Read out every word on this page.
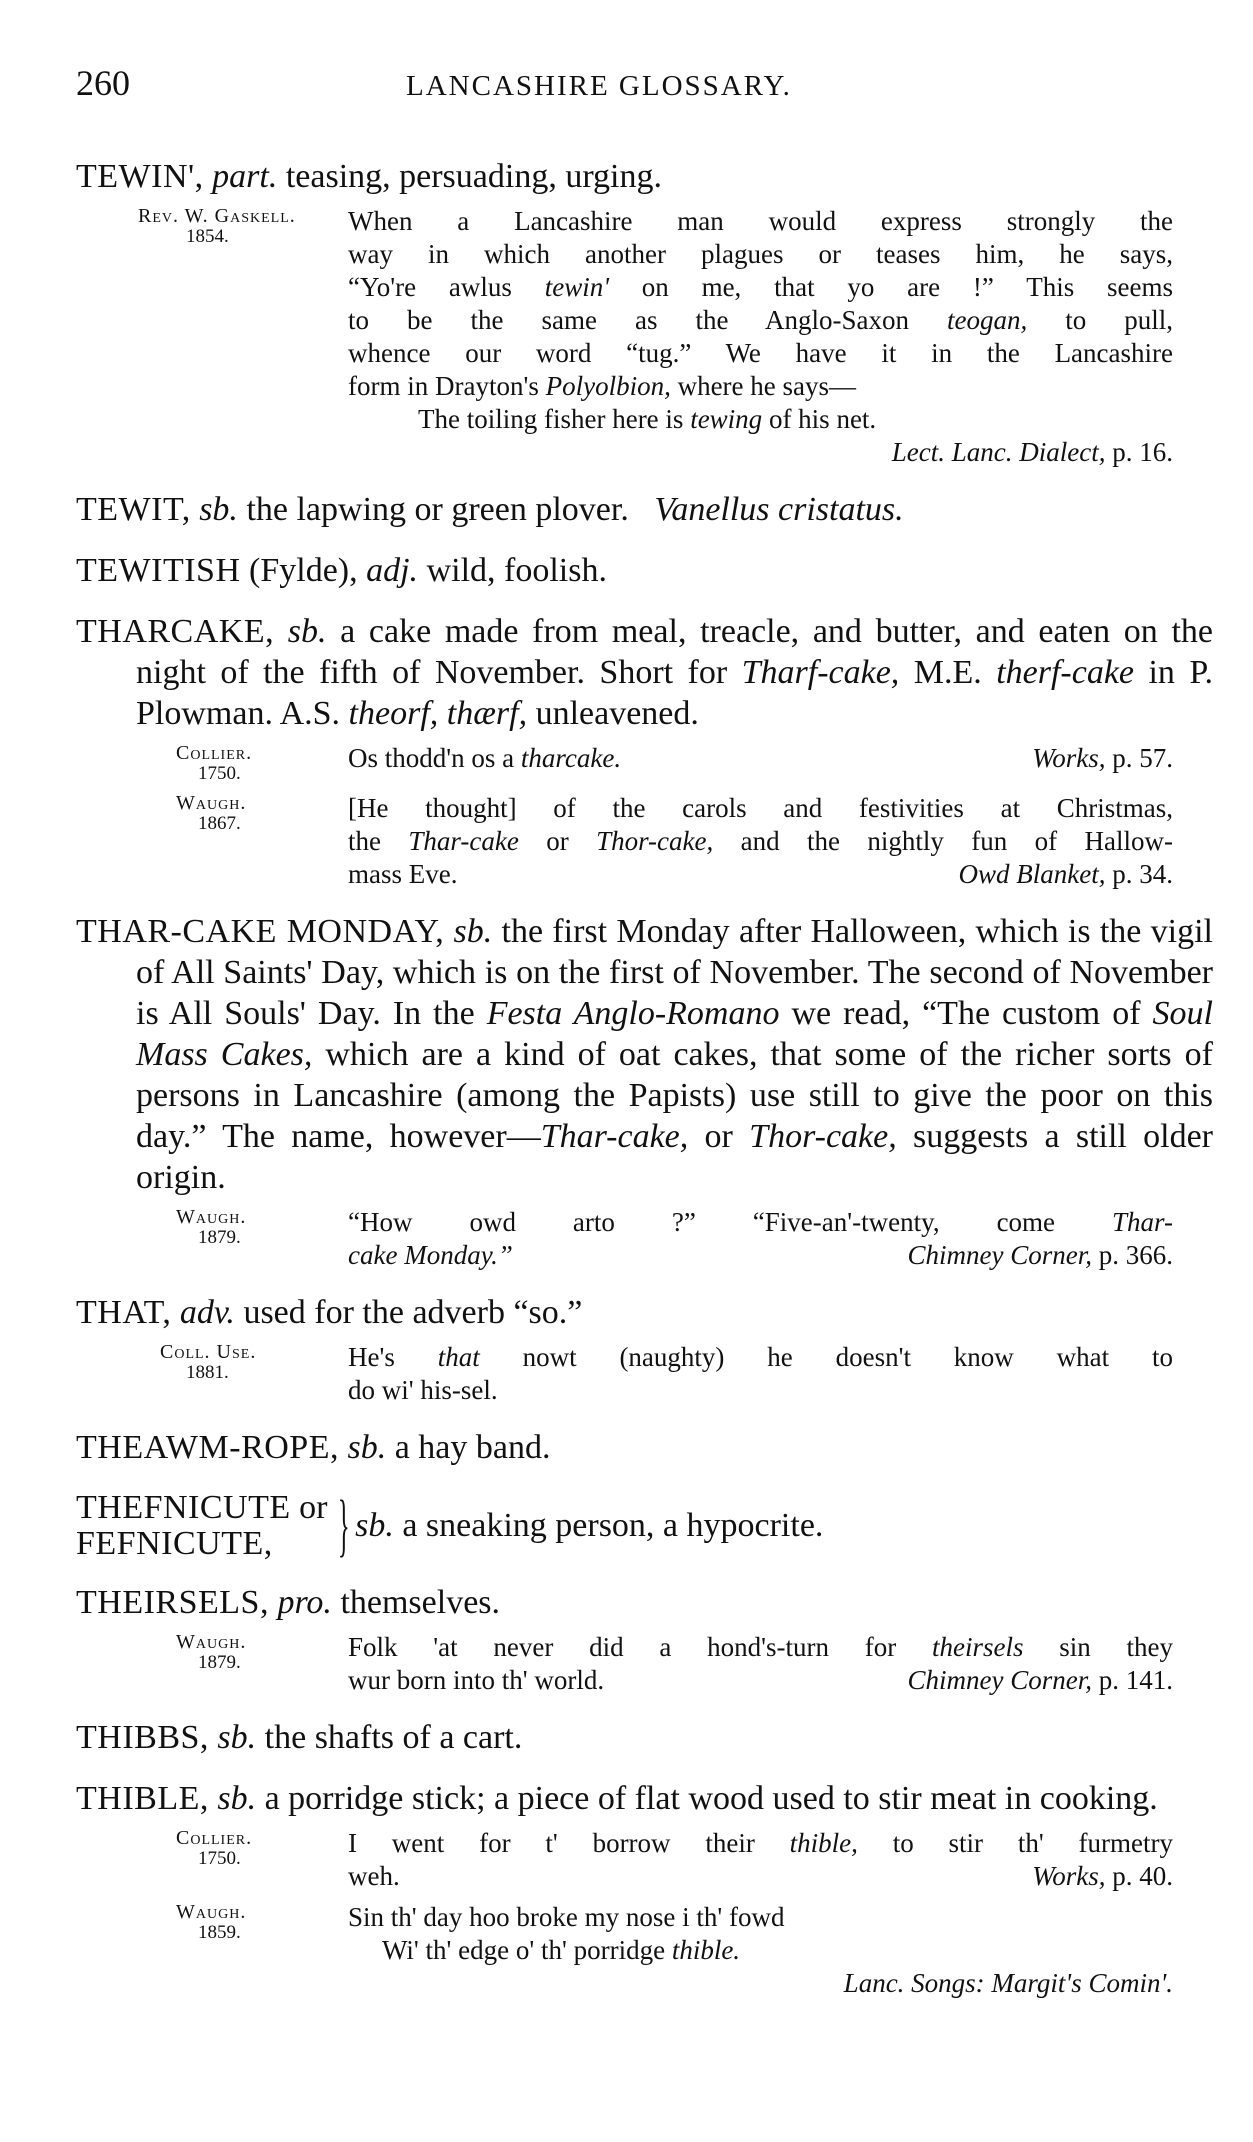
260	LANCASHIRE GLOSSARY.
TEWIN', part. teasing, persuading, urging.
Rev. W. Gaskell.
1854.
When a Lancashire man would express strongly the
way in which another plagues or teases him, he says,
“Yo're awlus tewin' on me, that yo are !” This seems
to be the same as the Anglo-Saxon teogan, to pull,
whence our word “tug.” We have it in the Lancashire
form in Drayton's Polyolbion, where he says—
The toiling fisher here is tewing of his net.
Lect. Lanc. Dialect, p. 16.
TEWIT, sb. the lapwing or green plover. Vanellus cristatus.
TEWITISH (Fylde), adj. wild, foolish.
THARCAKE, sb. a cake made from meal, treacle, and butter, and eaten on the night of the fifth of November. Short for Tharf-cake, M.E. therf-cake in P. Plowman. A.S. theorf, thærf, unleavened.
Collier.
1750.
Os thodd'n os a tharcake.	Works, p. 57.
Waugh.
1867.
[He thought] of the carols and festivities at Christmas,
the Thar-cake or Thor-cake, and the nightly fun of Hallow-
mass Eve.	Owd Blanket, p. 34.
THAR-CAKE MONDAY, sb. the first Monday after Halloween, which is the vigil of All Saints' Day, which is on the first of November. The second of November is All Souls' Day. In the Festa Anglo-Romano we read, “The custom of Soul Mass Cakes, which are a kind of oat cakes, that some of the richer sorts of persons in Lancashire (among the Papists) use still to give the poor on this day.” The name, however—Thar-cake, or Thor-cake, suggests a still older origin.
Waugh.
1879.
“How owd arto ?” “Five-an'-twenty, come Thar-
cake Monday.”	Chimney Corner, p. 366.
THAT, adv. used for the adverb “so.”
Coll. Use.
1881.
He's that nowt (naughty) he doesn't know what to
do wi' his-sel.
THEAWM-ROPE, sb. a hay band.
THEFNICUTE or
FEFNICUTE, } sb. a sneaking person, a hypocrite.
THEIRSELS, pro. themselves.
Waugh.
1879.
Folk 'at never did a hond's-turn for theirsels sin they
wur born into th' world.	Chimney Corner, p. 141.
THIBBS, sb. the shafts of a cart.
THIBLE, sb. a porridge stick; a piece of flat wood used to stir meat in cooking.
Collier.
1750.
I went for t' borrow their thible, to stir th' furmetry
weh.	Works, p. 40.
Waugh.
1859.
Sin th' day hoo broke my nose i th' fowd
Wi' th' edge o' th' porridge thible.
Lanc. Songs: Margit's Comin'.
